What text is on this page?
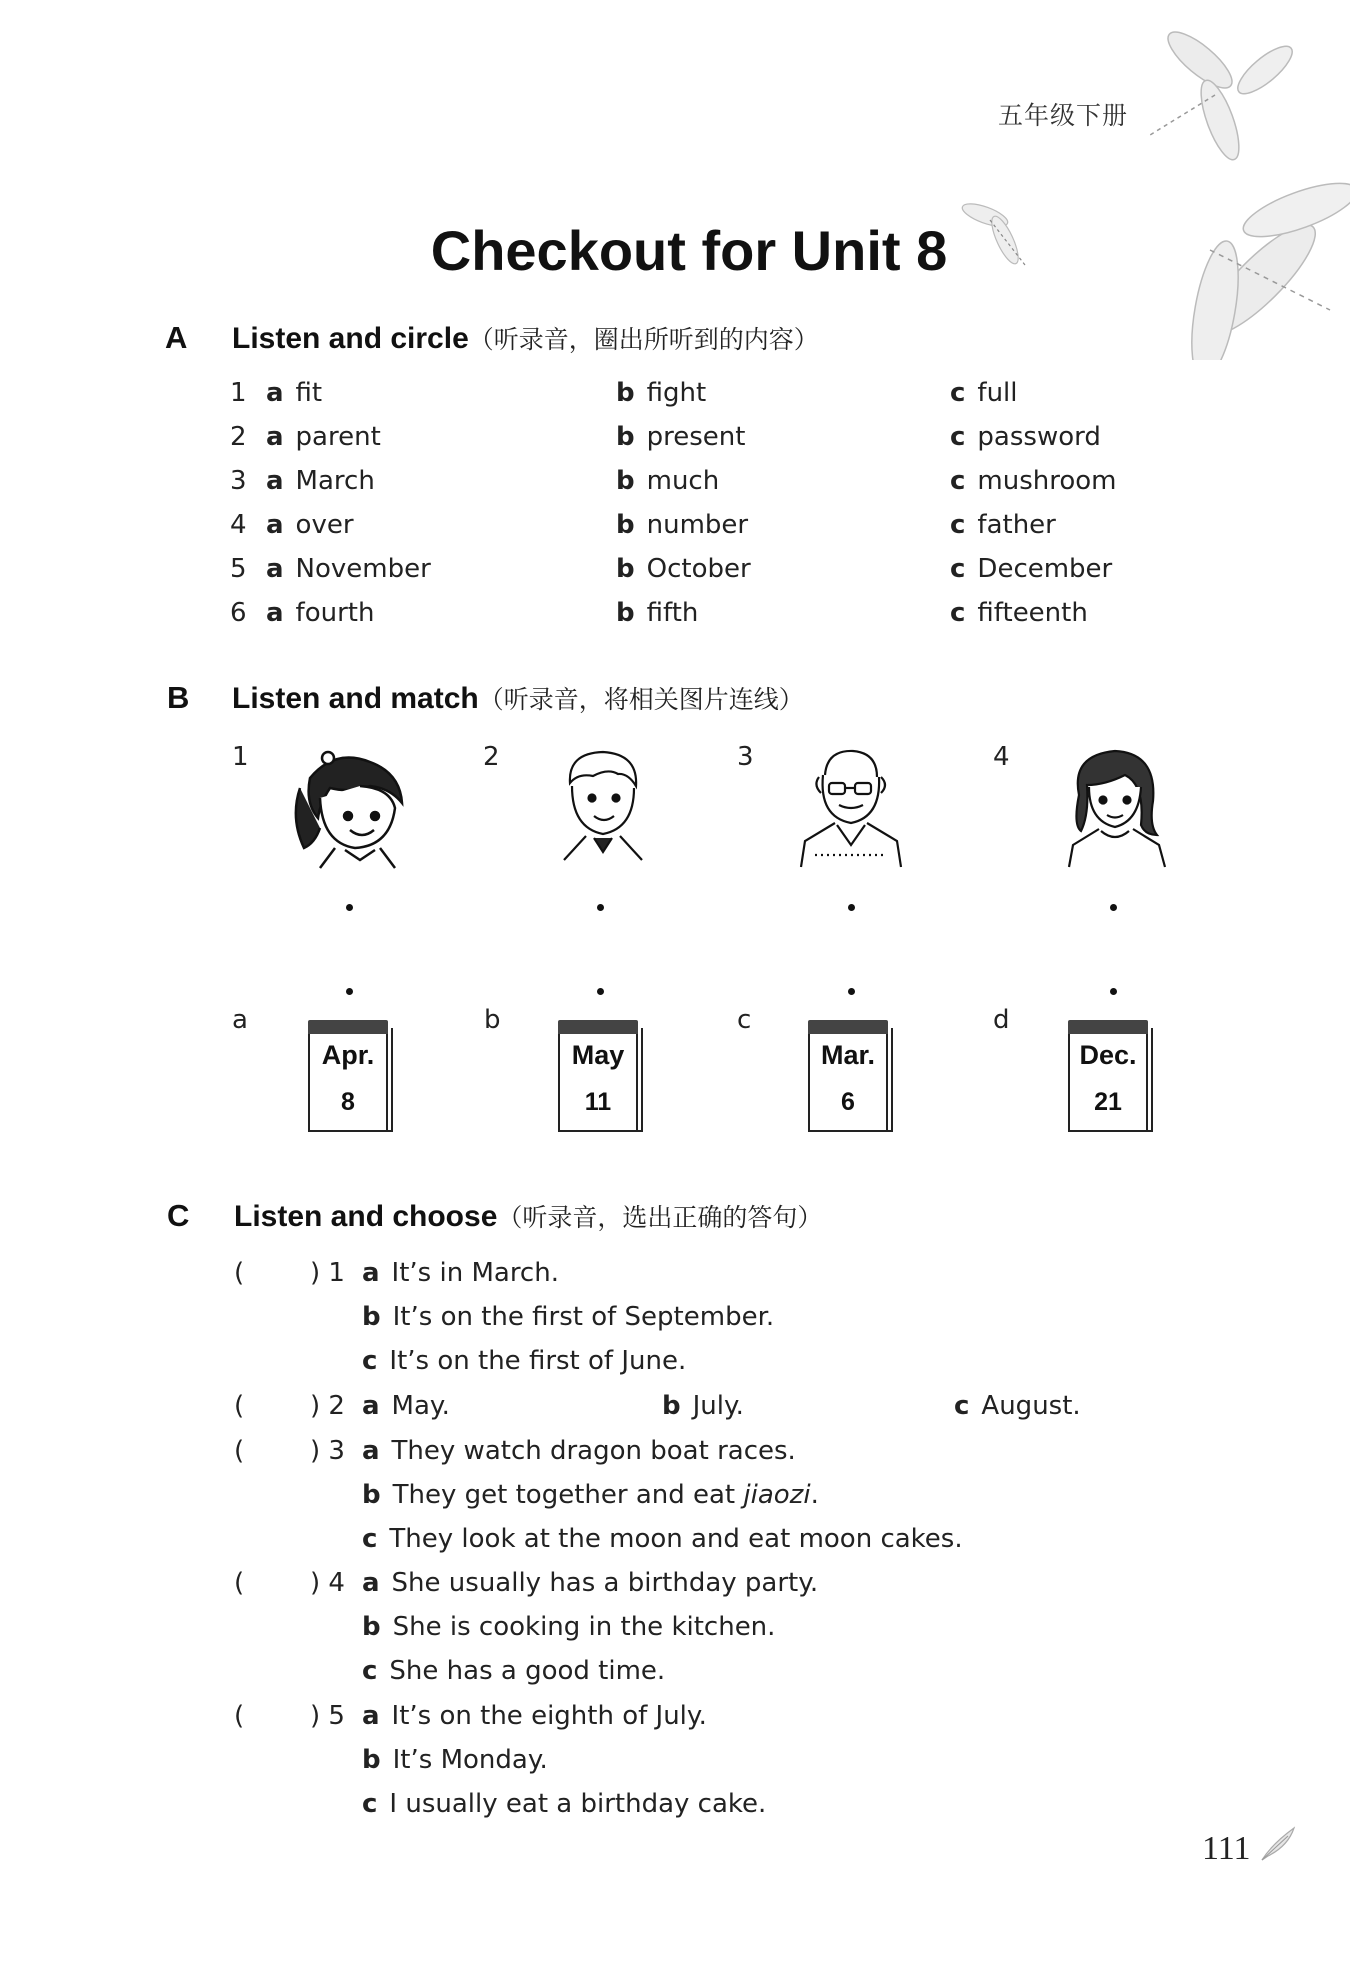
五年级下册
Checkout for Unit 8
A Listen and circle（听录音，圈出所听到的内容）
1 a fit	b fight	c full
2 a parent	b present	c password
3 a March	b much	c mushroom
4 a over	b number	c father
5 a November	b October	c December
6 a fourth	b fifth	c fifteenth
B Listen and match（听录音，将相关图片连线）
1	2	3	4
a	b	c	d
Apr.
8
May
11
Mar.
6
Dec.
21
C Listen and choose（听录音，选出正确的答句）
(	) 1 a It’s in March.
b It’s on the first of September.
c It’s on the first of June.
(	) 2 a May.	b July.	c August.
(	) 3 a They watch dragon boat races.
b They get together and eat jiaozi.
c They look at the moon and eat moon cakes.
(	) 4 a She usually has a birthday party.
b She is cooking in the kitchen.
c She has a good time.
(	) 5 a It’s on the eighth of July.
b It’s Monday.
c I usually eat a birthday cake.
111
